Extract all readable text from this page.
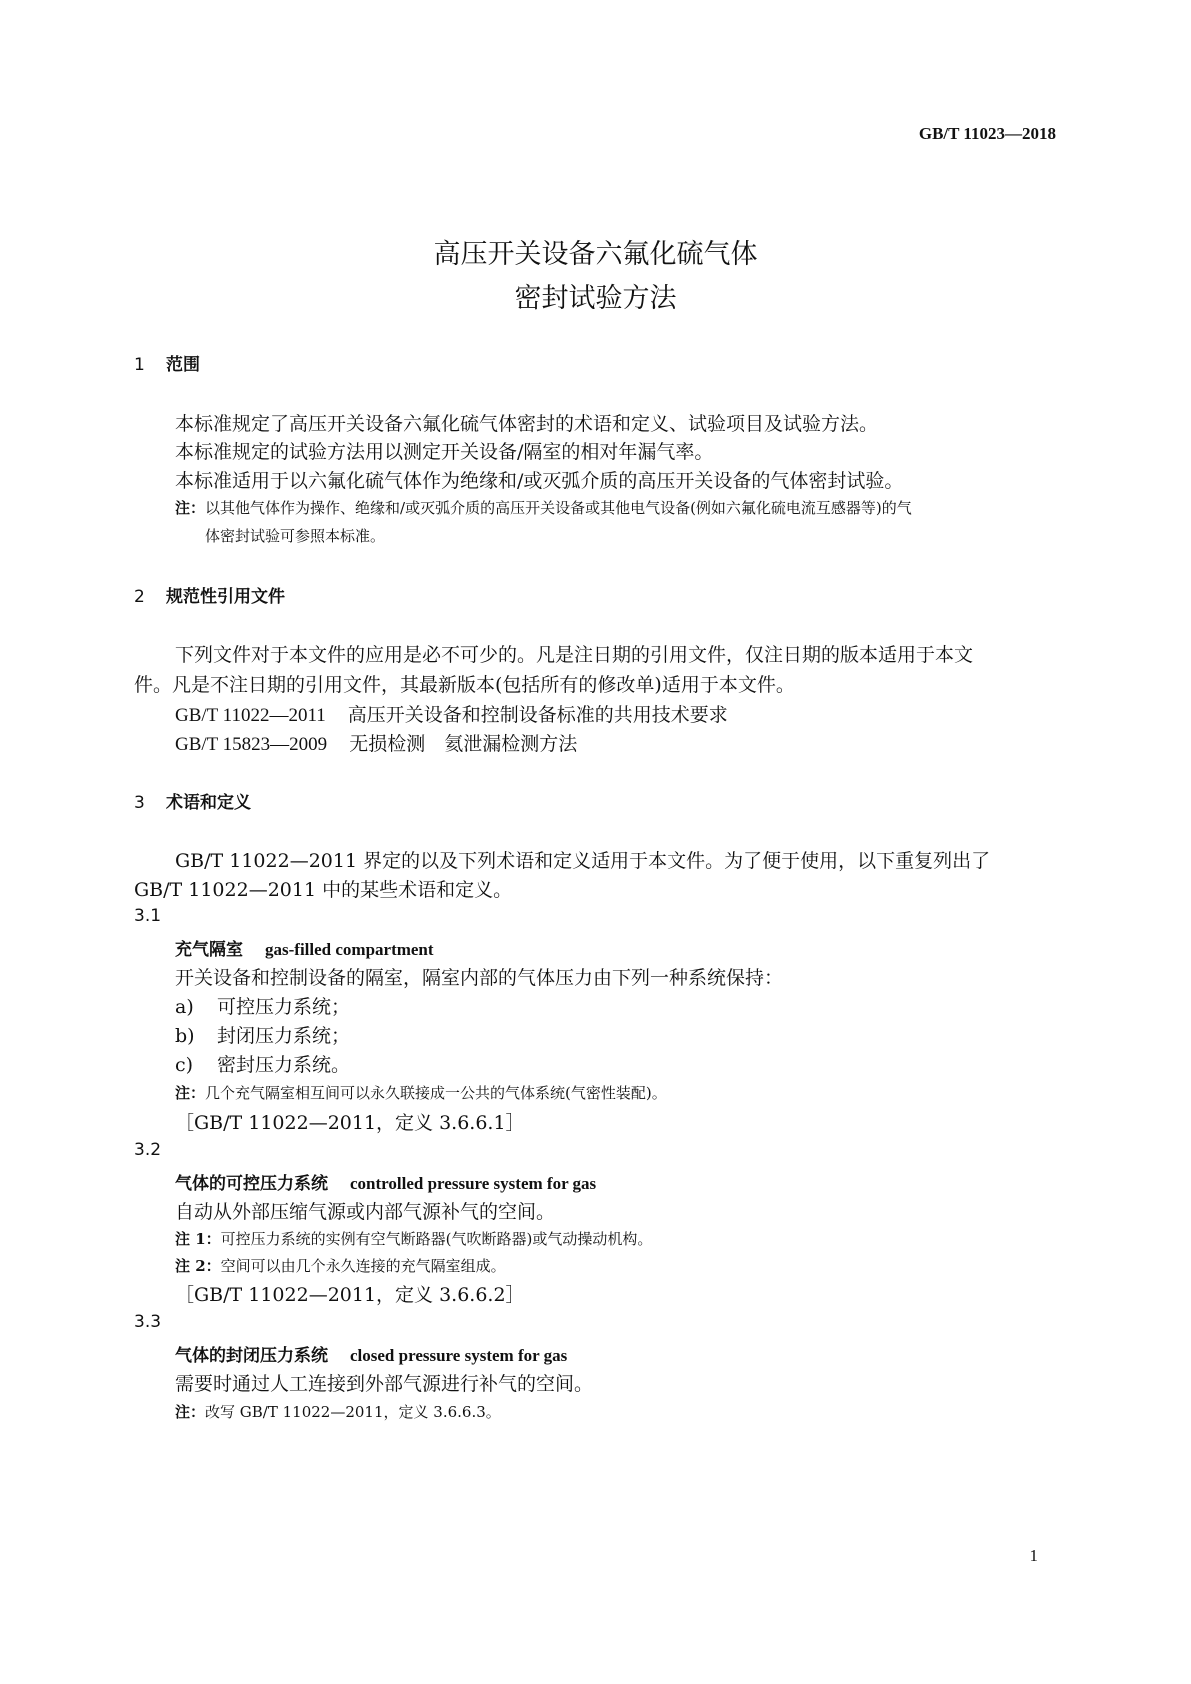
GB/T 11023—2018
高压开关设备六氟化硫气体
密封试验方法
1 范围
本标准规定了高压开关设备六氟化硫气体密封的术语和定义、试验项目及试验方法。
本标准规定的试验方法用以测定开关设备/隔室的相对年漏气率。
本标准适用于以六氟化硫气体作为绝缘和/或灭弧介质的高压开关设备的气体密封试验。
注：以其他气体作为操作、绝缘和/或灭弧介质的高压开关设备或其他电气设备(例如六氟化硫电流互感器等)的气
体密封试验可参照本标准。
2 规范性引用文件
下列文件对于本文件的应用是必不可少的。凡是注日期的引用文件，仅注日期的版本适用于本文
件。凡是不注日期的引用文件，其最新版本(包括所有的修改单)适用于本文件。
GB/T 11022—2011 高压开关设备和控制设备标准的共用技术要求
GB/T 15823—2009 无损检测　氦泄漏检测方法
3 术语和定义
GB/T 11022—2011 界定的以及下列术语和定义适用于本文件。为了便于使用，以下重复列出了
GB/T 11022—2011 中的某些术语和定义。
3.1
充气隔室 gas-filled compartment
开关设备和控制设备的隔室，隔室内部的气体压力由下列一种系统保持：
a) 可控压力系统；
b) 封闭压力系统；
c) 密封压力系统。
注：几个充气隔室相互间可以永久联接成一公共的气体系统(气密性装配)。
［GB/T 11022—2011，定义 3.6.6.1］
3.2
气体的可控压力系统 controlled pressure system for gas
自动从外部压缩气源或内部气源补气的空间。
注 1：可控压力系统的实例有空气断路器(气吹断路器)或气动操动机构。
注 2：空间可以由几个永久连接的充气隔室组成。
［GB/T 11022—2011，定义 3.6.6.2］
3.3
气体的封闭压力系统 closed pressure system for gas
需要时通过人工连接到外部气源进行补气的空间。
注：改写 GB/T 11022—2011，定义 3.6.6.3。
1
